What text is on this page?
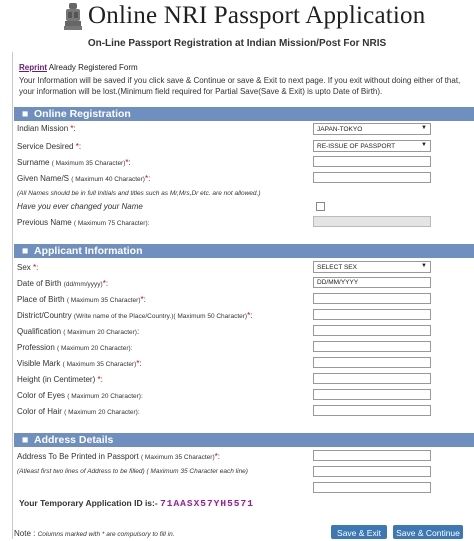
Online NRI Passport Application
On-Line Passport Registration at Indian Mission/Post For NRIS
Reprint Already Registered Form
Your Information will be saved if you click save & Continue or save & Exit to next page. If you exit without doing either of that, your information will be lost.(Minimum field required for Partial Save(Save & Exit) is upto Date of Birth).
■ Online Registration
Indian Mission *:	JAPAN-TOKYO	▼
Service Desired *:	RE-ISSUE OF PASSPORT	▼
Surname ( Maximum 35 Character)*:
Given Name/S ( Maximum 40 Character)*:
(All Names should be in full Initials and titles such as Mr,Mrs,Dr etc. are not allowed.)
Have you ever changed your Name
Previous Name ( Maximum 75 Character):
■ Applicant Information
Sex *:	SELECT SEX	▼
Date of Birth (dd/mm/yyyy)*:	DD/MM/YYYY
Place of Birth ( Maximum 35 Character)*:
District/Country (Write name of the Place/Country.)( Maximum 50 Character)*:
Qualification ( Maximum 20 Character):
Profession ( Maximum 20 Character):
Visible Mark ( Maximum 35 Character)*:
Height (in Centimeter) *:
Color of Eyes ( Maximum 20 Character):
Color of Hair ( Maximum 20 Character):
■ Address Details
Address To Be Printed in Passport ( Maximum 35 Character)*:
(Atleast first two lines of Address to be filled) ( Maximum 35 Character each line)
Your Temporary Application ID is:- 71AASX57YH5571
Note : Columns marked with * are compulsory to fill in.	Save & Exit	Save & Continue
